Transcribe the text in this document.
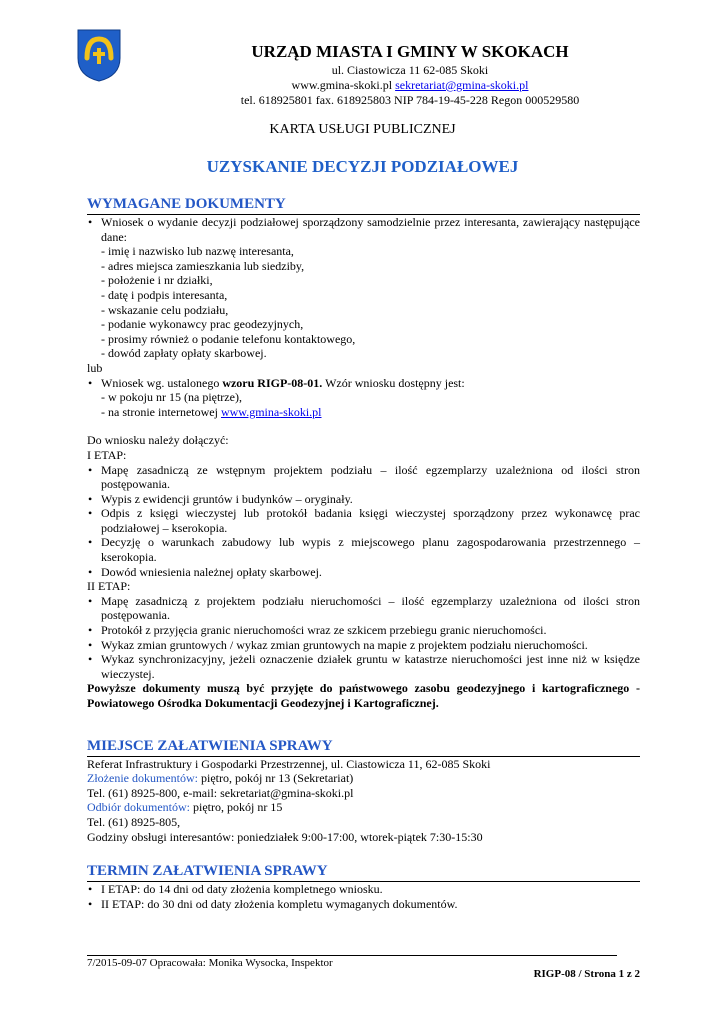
URZĄD MIASTA I GMINY W SKOKACH
ul. Ciastowicza 11 62-085 Skoki
www.gmina-skoki.pl sekretariat@gmina-skoki.pl
tel. 618925801 fax. 618925803 NIP 784-19-45-228 Regon 000529580
KARTA USŁUGI PUBLICZNEJ
UZYSKANIE DECYZJI PODZIAŁOWEJ
WYMAGANE DOKUMENTY
• Wniosek o wydanie decyzji podziałowej sporządzony samodzielnie przez interesanta, zawierający następujące dane:
- imię i nazwisko lub nazwę interesanta,
- adres miejsca zamieszkania lub siedziby,
- położenie i nr działki,
- datę i podpis interesanta,
- wskazanie celu podziału,
- podanie wykonawcy prac geodezyjnych,
- prosimy również o podanie telefonu kontaktowego,
- dowód zapłaty opłaty skarbowej.
lub
• Wniosek wg. ustalonego wzoru RIGP-08-01. Wzór wniosku dostępny jest:
- w pokoju nr 15 (na piętrze),
- na stronie internetowej www.gmina-skoki.pl
Do wniosku należy dołączyć:
I ETAP:
• Mapę zasadniczą ze wstępnym projektem podziału – ilość egzemplarzy uzależniona od ilości stron postępowania.
• Wypis z ewidencji gruntów i budynków – oryginały.
• Odpis z księgi wieczystej lub protokół badania księgi wieczystej sporządzony przez wykonawcę prac podziałowej – kserokopia.
• Decyzję o warunkach zabudowy lub wypis z miejscowego planu zagospodarowania przestrzennego – kserokopia.
• Dowód wniesienia należnej opłaty skarbowej.
II ETAP:
• Mapę zasadniczą z projektem podziału nieruchomości – ilość egzemplarzy uzależniona od ilości stron postępowania.
• Protokół z przyjęcia granic nieruchomości wraz ze szkicem przebiegu granic nieruchomości.
• Wykaz zmian gruntowych / wykaz zmian gruntowych na mapie z projektem podziału nieruchomości.
• Wykaz synchronizacyjny, jeżeli oznaczenie działek gruntu w katastrze nieruchomości jest inne niż w księdze wieczystej.
Powyższe dokumenty muszą być przyjęte do państwowego zasobu geodezyjnego i kartograficznego - Powiatowego Ośrodka Dokumentacji Geodezyjnej i Kartograficznej.
MIEJSCE ZAŁATWIENIA SPRAWY
Referat Infrastruktury i Gospodarki Przestrzennej, ul. Ciastowicza 11, 62-085 Skoki
Złożenie dokumentów: piętro, pokój nr 13 (Sekretariat)
Tel. (61) 8925-800, e-mail: sekretariat@gmina-skoki.pl
Odbiór dokumentów: piętro, pokój nr 15
Tel. (61) 8925-805,
Godziny obsługi interesantów: poniedziałek 9:00-17:00, wtorek-piątek 7:30-15:30
TERMIN ZAŁATWIENIA SPRAWY
• I ETAP: do 14 dni od daty złożenia kompletnego wniosku.
• II ETAP: do 30 dni od daty złożenia kompletu wymaganych dokumentów.
7/2015-09-07 Opracowała: Monika Wysocka, Inspektor
RIGP-08 / Strona 1 z 2
